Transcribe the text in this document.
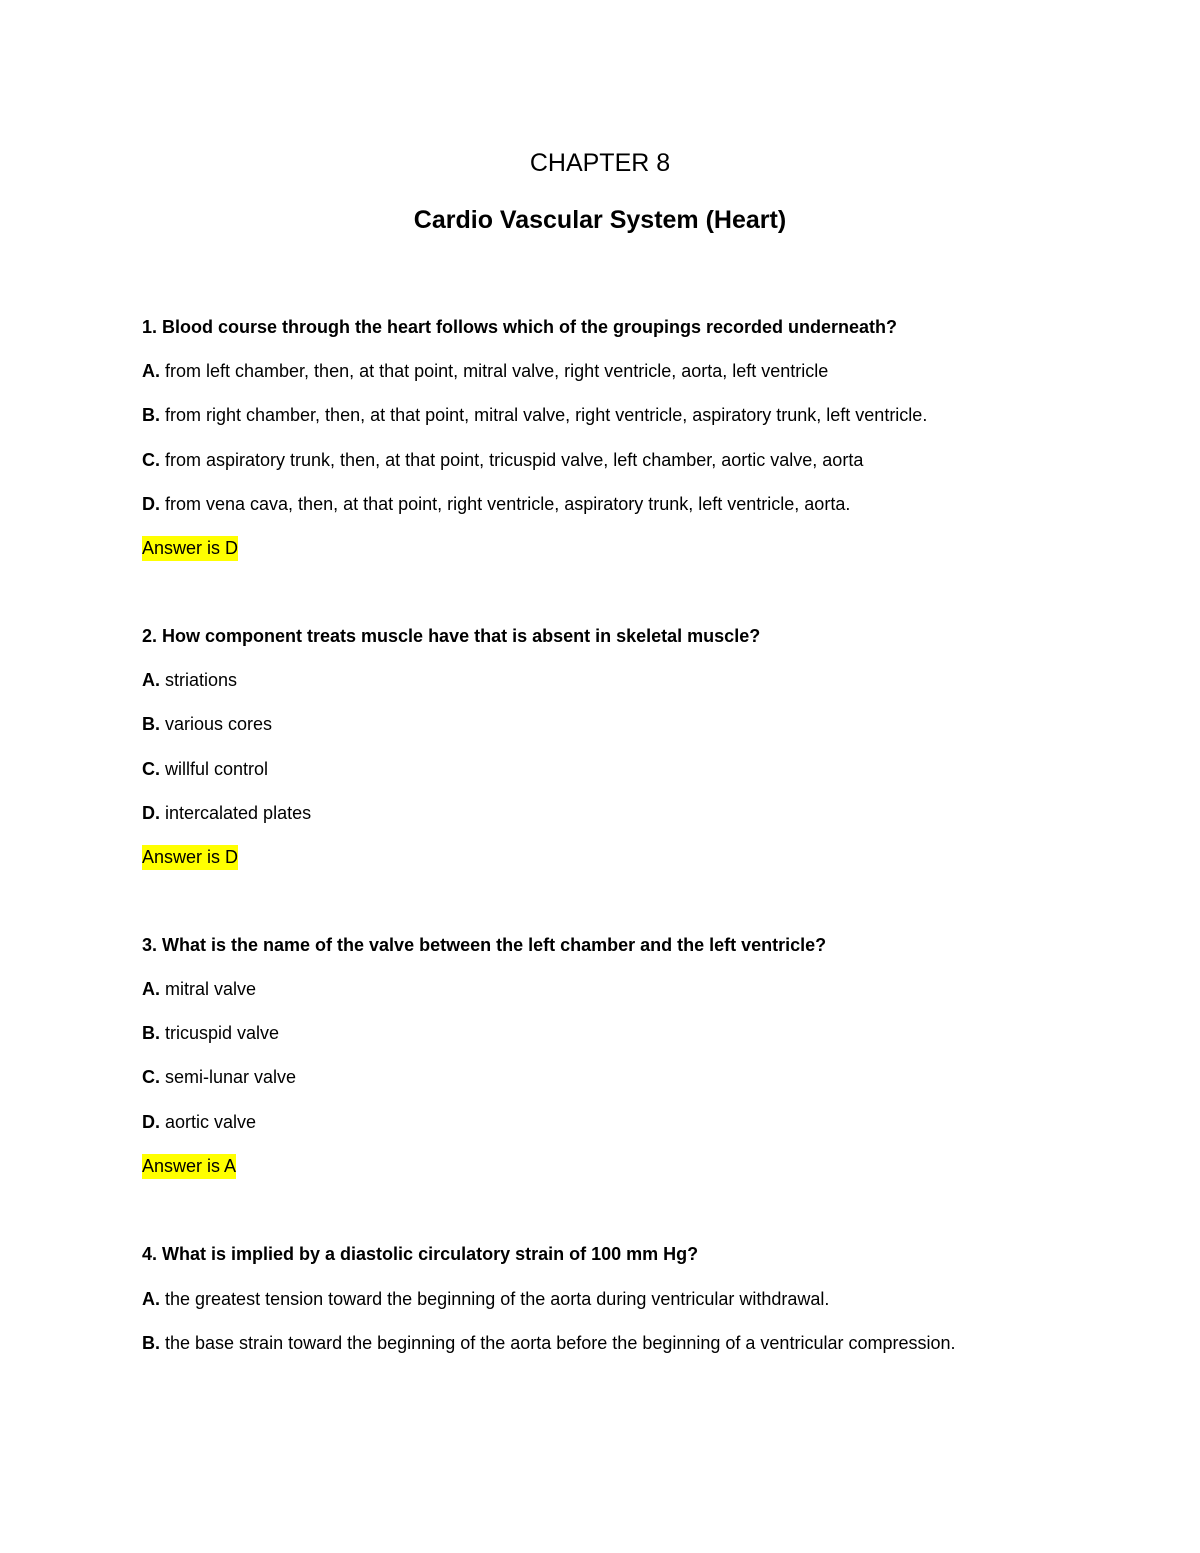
CHAPTER 8
Cardio Vascular System (Heart)
1. Blood course through the heart follows which of the groupings recorded underneath?
A. from left chamber, then, at that point, mitral valve, right ventricle, aorta, left ventricle
B. from right chamber, then, at that point, mitral valve, right ventricle, aspiratory trunk, left ventricle.
C. from aspiratory trunk, then, at that point, tricuspid valve, left chamber, aortic valve, aorta
D. from vena cava, then, at that point, right ventricle, aspiratory trunk, left ventricle, aorta.
Answer is D
2. How component treats muscle have that is absent in skeletal muscle?
A. striations
B. various cores
C. willful control
D. intercalated plates
Answer is D
3. What is the name of the valve between the left chamber and the left ventricle?
A. mitral valve
B. tricuspid valve
C. semi-lunar valve
D. aortic valve
Answer is A
4. What is implied by a diastolic circulatory strain of 100 mm Hg?
A. the greatest tension toward the beginning of the aorta during ventricular withdrawal.
B. the base strain toward the beginning of the aorta before the beginning of a ventricular compression.
